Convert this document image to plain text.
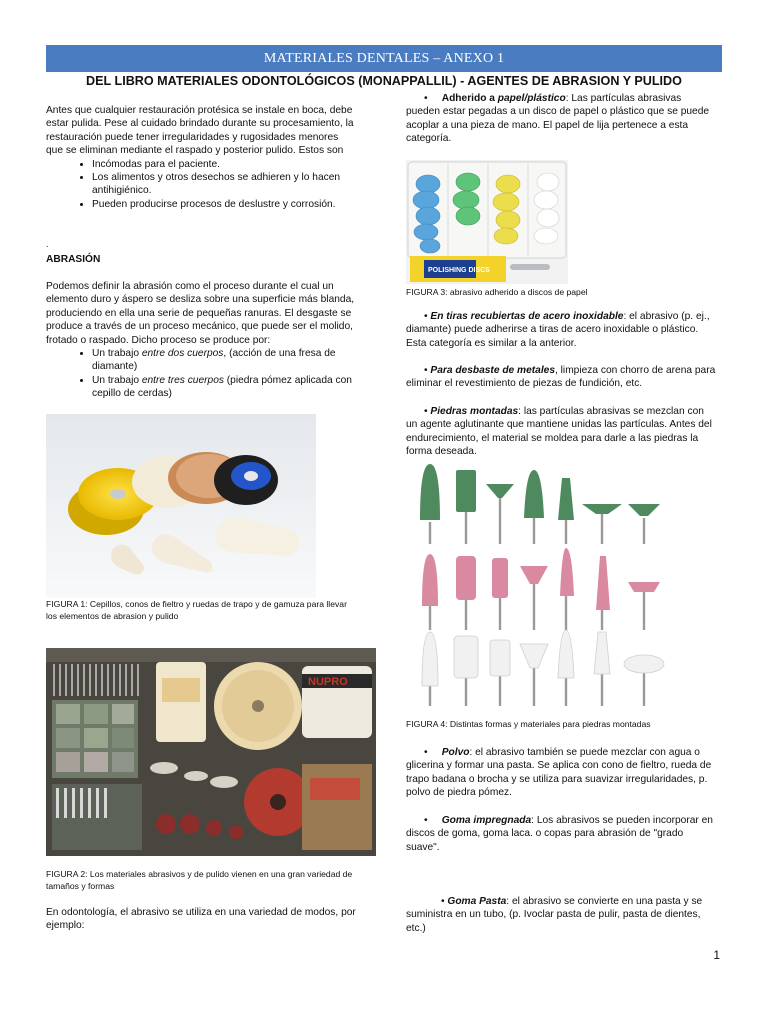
MATERIALES DENTALES – ANEXO 1
DEL LIBRO MATERIALES ODONTOLÓGICOS (MONAPPALLIL) - AGENTES DE ABRASION Y PULIDO

Antes que cualquier restauración protésica se instale en boca, debe estar pulida. Pese al cuidado brindado durante su procesamiento, la restauración puede tener irregularidades y rugosidades menores que se eliminan mediante el raspado y posterior pulido. Estos son

• Incómodas para el paciente.
• Los alimentos y otros desechos se adhieren y lo hacen antihigiénico.
• Pueden producirse procesos de deslustre y corrosión.
.
ABRASIÓN

Podemos definir la abrasión como el proceso durante el cual un elemento duro y áspero se desliza sobre una superficie más blanda, produciendo en ella una serie de pequeñas ranuras. El desgaste se produce a través de un proceso mecánico, que puede ser el molido, frotado o raspado. Dicho proceso se produce por:

• Un trabajo entre dos cuerpos, (acción de una fresa de diamante)
• Un trabajo entre tres cuerpos (piedra pómez aplicada con cepillo de cerdas)
FIGURA 1: Cepillos, conos de fieltro y ruedas de trapo y de gamuza para llevar los elementos de abrasion y pulido
NUPRO
FIGURA 2: Los materiales abrasivos y de pulido vienen en una gran variedad de tamaños y formas
En odontología, el abrasivo se utiliza en una variedad de modos, por ejemplo:

•     Adherido a papel/plástico: Las partículas abrasivas pueden estar pegadas a un disco de papel o plástico que se puede acoplar a una pieza de mano. El papel de lija pertenece a esta categoría.

POLISHING DISCS
FIGURA 3: abrasivo adherido a discos de papel

• En tiras recubiertas de acero inoxidable: el abrasivo (p. ej., diamante) puede adherirse a tiras de acero inoxidable o plástico. Esta categoría es similar a la anterior.

• Para desbaste de metales, limpieza con chorro de arena para eliminar el revestimiento de piezas de fundición, etc.

• Piedras montadas: las partículas abrasivas se mezclan con un agente aglutinante que mantiene unidas las partículas. Antes del endurecimiento, el material se moldea para darle a las piedras la forma deseada.

FIGURA 4: Distintas formas y materiales para piedras montadas

•     Polvo: el abrasivo también se puede mezclar con agua o glicerina y formar una pasta. Se aplica con cono de fieltro, rueda de trapo badana o brocha y se utiliza para suavizar irregularidades, p. polvo de piedra pómez.

•     Goma impregnada: Los abrasivos se pueden incorporar en discos de goma, goma laca. o copas para abrasión de "grado suave".

• Goma Pasta: el abrasivo se convierte en una pasta y se suministra en un tubo, (p. Ivoclar pasta de pulir, pasta de dientes, etc.)

1
